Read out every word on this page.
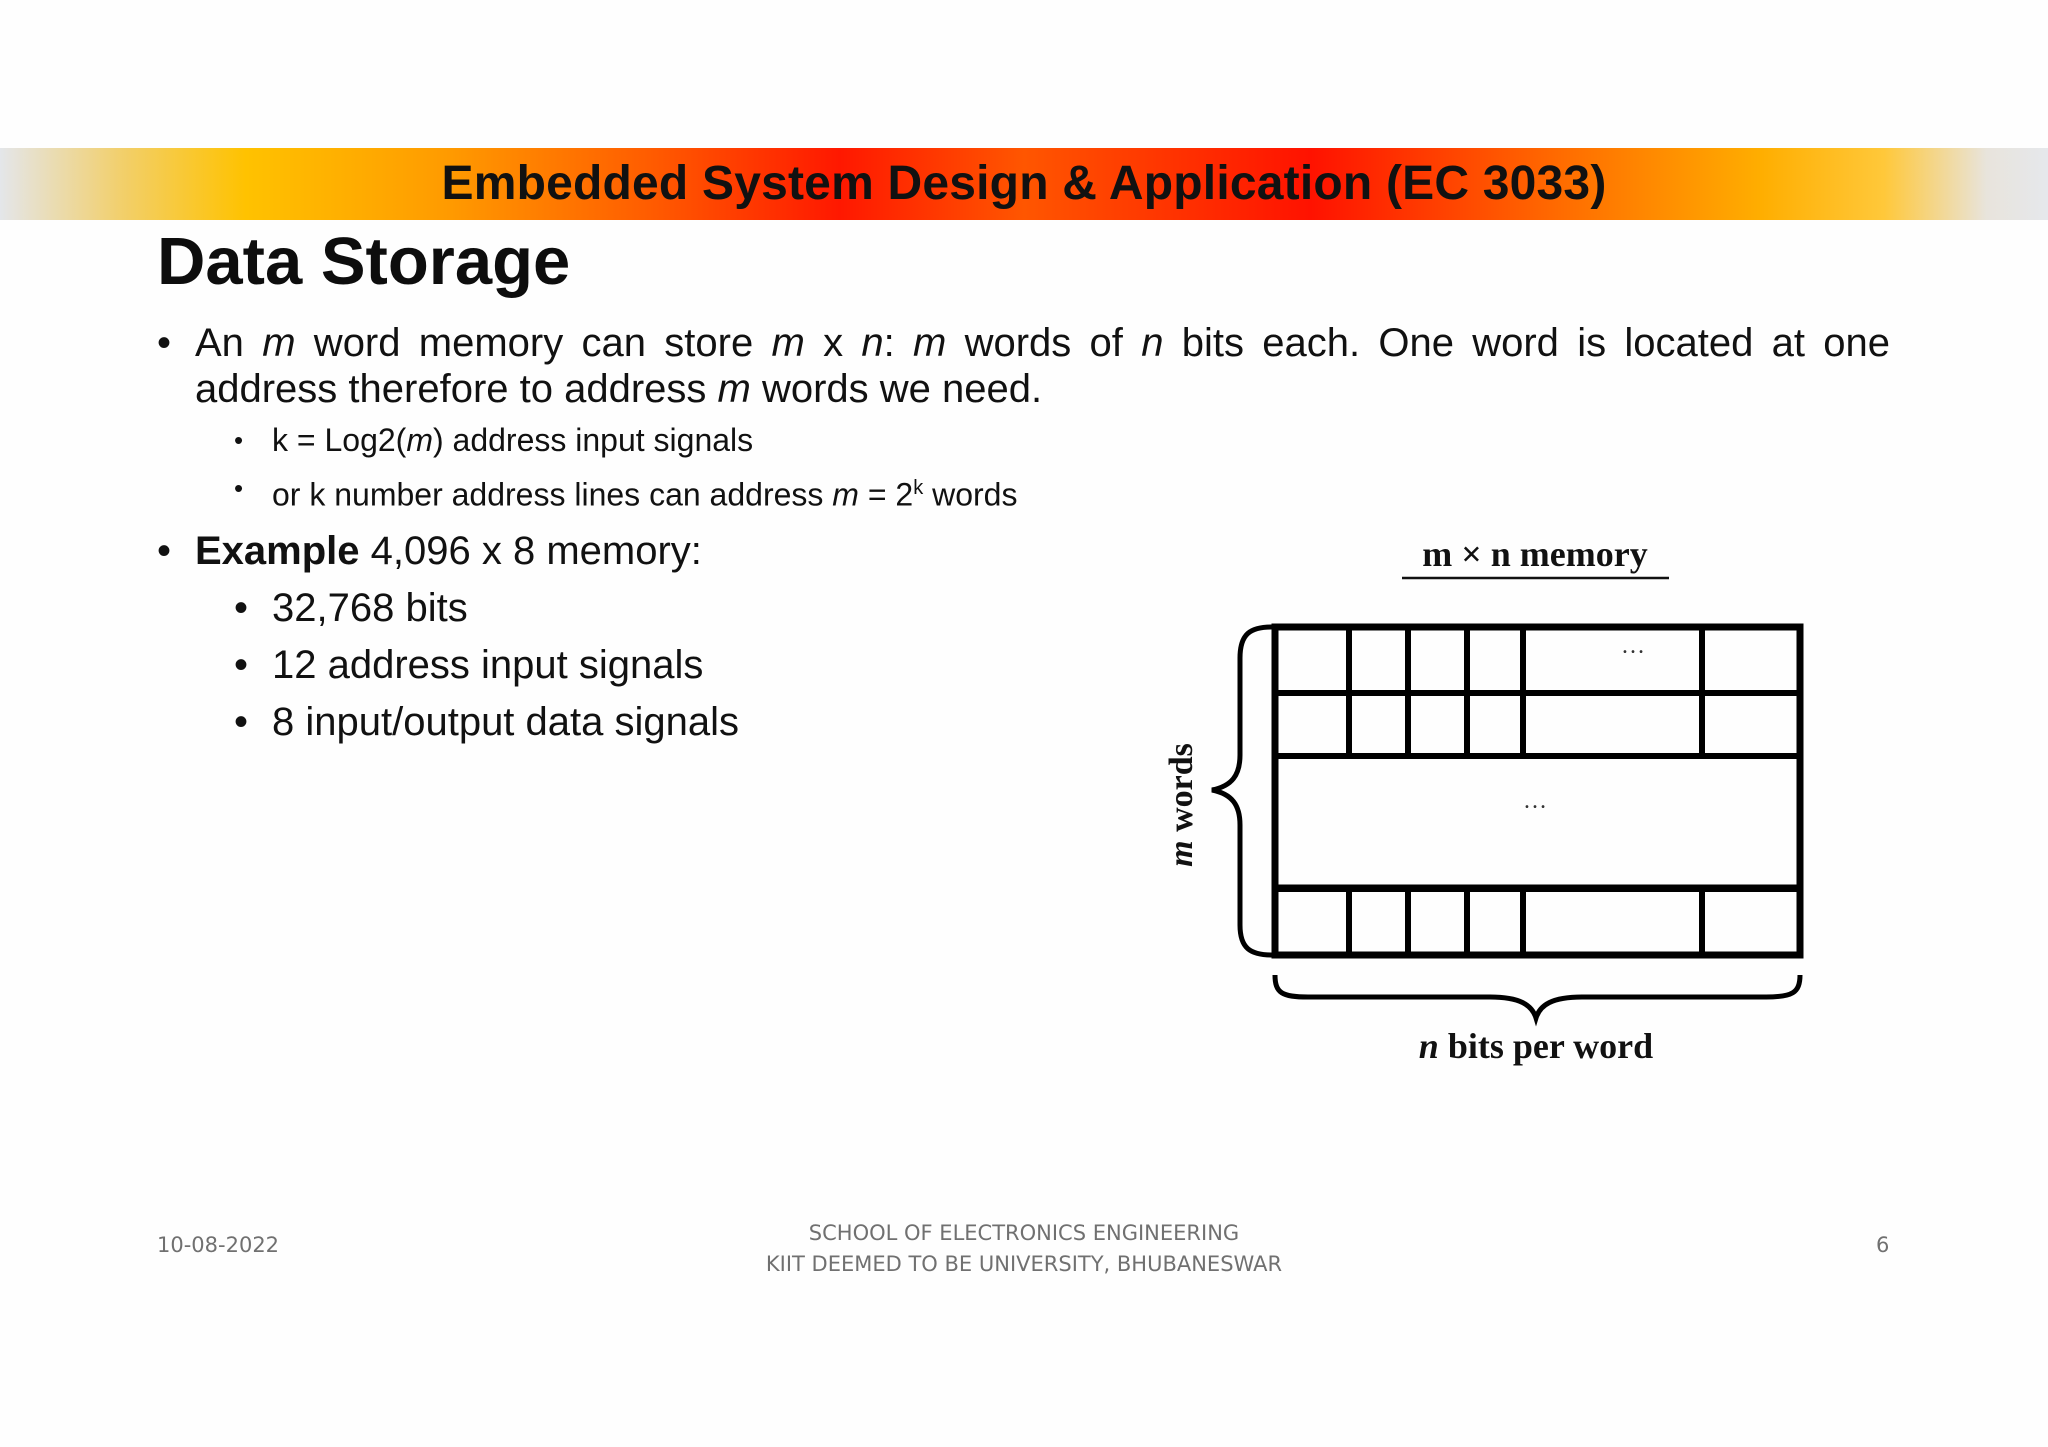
Embedded System Design & Application (EC 3033)
Data Storage
• An m word memory can store m x n: m words of n bits each. One word is located at one address therefore to address m words we need.
• k = Log2(m) address input signals
• or k number address lines can address $m = 2^k$ words
• Example 4,096 x 8 memory:
• 32,768 bits
• 12 address input signals
• 8 input/output data signals
m × n memory
…
…
m words
n bits per word
10-08-2022	SCHOOL OF ELECTRONICS ENGINEERING
KIIT DEEMED TO BE UNIVERSITY, BHUBANESWAR
6
